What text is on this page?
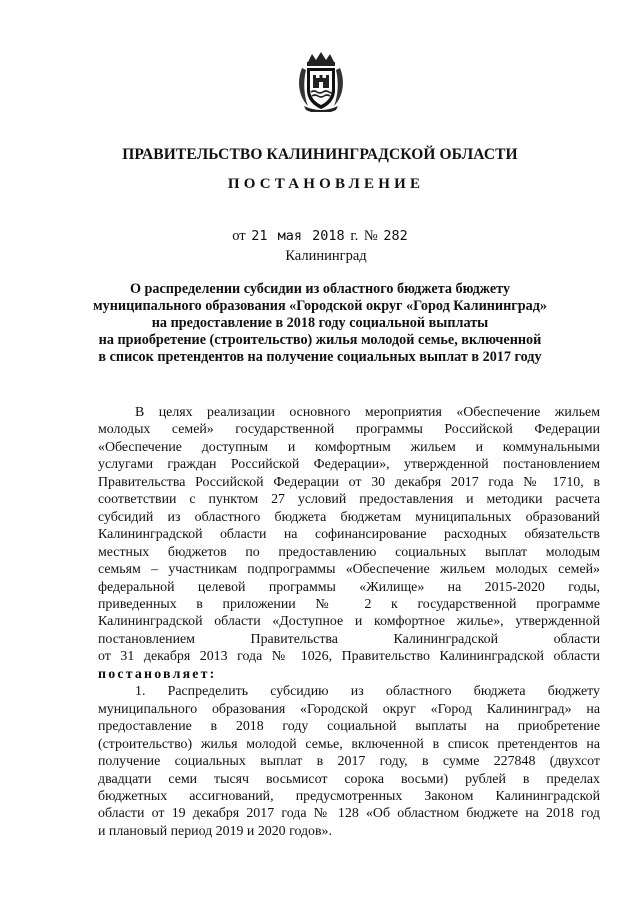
ПРАВИТЕЛЬСТВО КАЛИНИНГРАДСКОЙ ОБЛАСТИ
ПОСТАНОВЛЕНИЕ
от 21 мая 2018 г. № 282
Калининград
О распределении субсидии из областного бюджета бюджету
муниципального образования «Городской округ «Город Калининград»
на предоставление в 2018 году социальной выплаты
на приобретение (строительство) жилья молодой семье, включенной
в список претендентов на получение социальных выплат в 2017 году
В целях реализации основного мероприятия «Обеспечение жильем
молодых семей» государственной программы Российской Федерации
«Обеспечение доступным и комфортным жильем и коммунальными
услугами граждан Российской Федерации», утвержденной постановлением
Правительства Российской Федерации от 30 декабря 2017 года № 1710, в
соответствии с пунктом 27 условий предоставления и методики расчета
субсидий из областного бюджета бюджетам муниципальных образований
Калининградской области на софинансирование расходных обязательств
местных бюджетов по предоставлению социальных выплат молодым
семьям – участникам подпрограммы «Обеспечение жильем молодых семей»
федеральной целевой программы «Жилище» на 2015-2020 годы,
приведенных в приложении № 2 к государственной программе
Калининградской области «Доступное и комфортное жилье», утвержденной
постановлением Правительства Калининградской области
от 31 декабря 2013 года № 1026, Правительство Калининградской области
постановляет:
1. Распределить субсидию из областного бюджета бюджету
муниципального образования «Городской округ «Город Калининград» на
предоставление в 2018 году социальной выплаты на приобретение
(строительство) жилья молодой семье, включенной в список претендентов на
получение социальных выплат в 2017 году, в сумме 227848 (двухсот
двадцати семи тысяч восьмисот сорока восьми) рублей в пределах
бюджетных ассигнований, предусмотренных Законом Калининградской
области от 19 декабря 2017 года № 128 «Об областном бюджете на 2018 год
и плановый период 2019 и 2020 годов».
